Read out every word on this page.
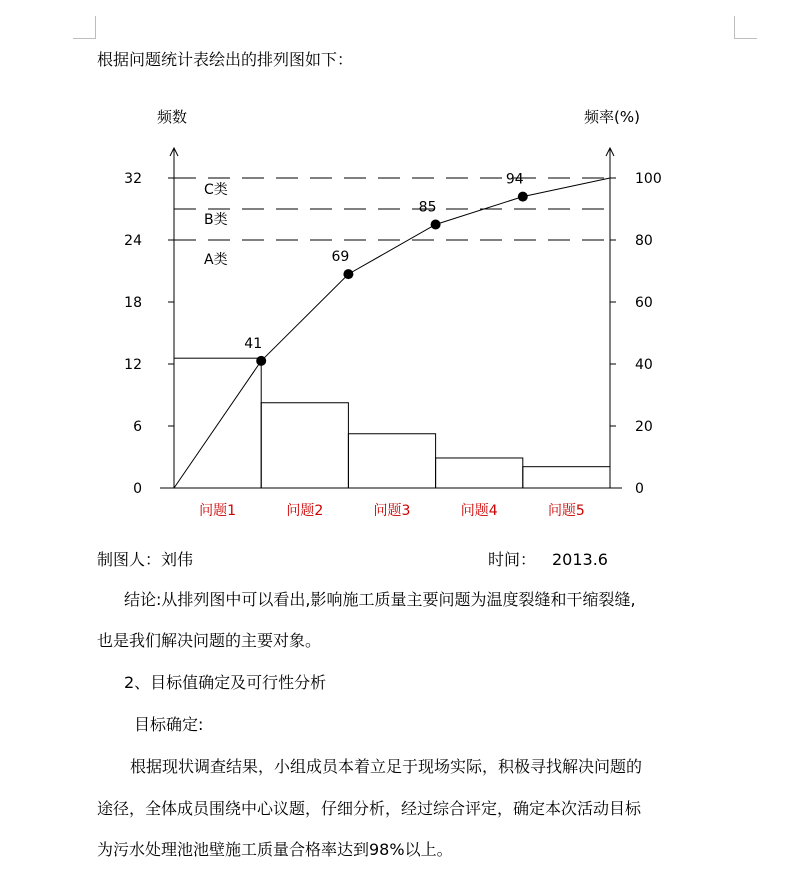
根据问题统计表绘出的排列图如下：
C类
B类
A类
问题1	问题2	问题3	问题4	问题5
0
6
12
18
24
32
0
20
40
60
80
100
频数	频率(%)
41
69
85
94
制图人：刘伟	时间： 2013.6
结论:从排列图中可以看出,影响施工质量主要问题为温度裂缝和干缩裂缝,
也是我们解决问题的主要对象。
2、目标值确定及可行性分析
目标确定:
根据现状调查结果，小组成员本着立足于现场实际，积极寻找解决问题的
途径，全体成员围绕中心议题，仔细分析，经过综合评定，确定本次活动目标
为污水处理池池壁施工质量合格率达到98%以上。
